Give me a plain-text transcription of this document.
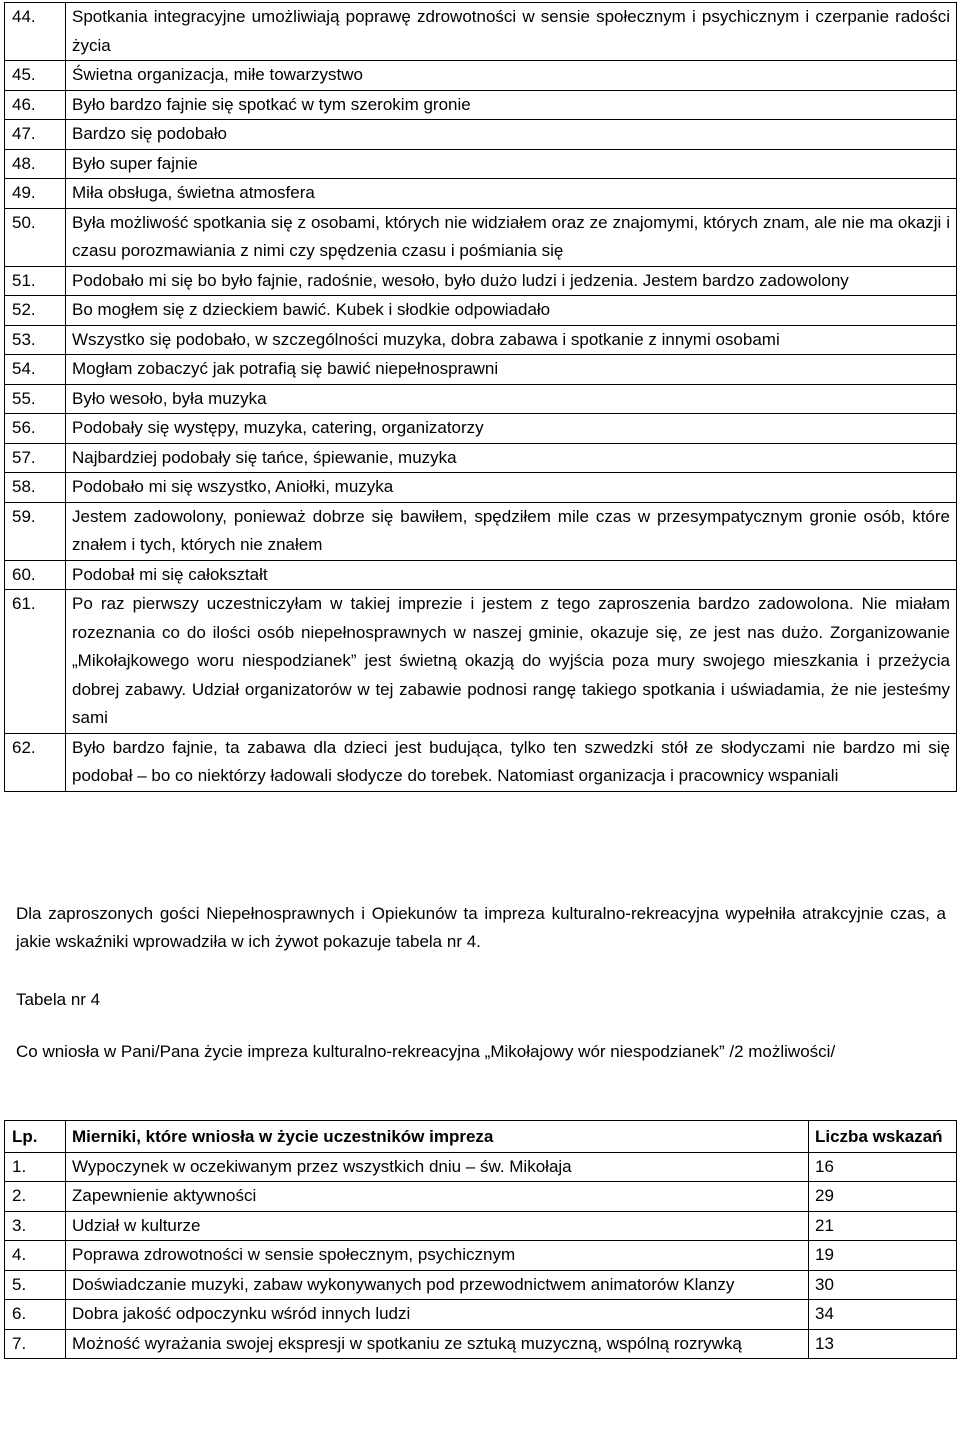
44.	Spotkania integracyjne umożliwiają poprawę zdrowotności w sensie społecznym i psychicznym i czerpanie radości życia
45.	Świetna organizacja, miłe towarzystwo
46.	Było bardzo fajnie się spotkać w tym szerokim gronie
47.	Bardzo się podobało
48.	Było super fajnie
49.	Miła obsługa, świetna atmosfera
50.	Była możliwość spotkania się z osobami, których nie widziałem oraz ze znajomymi, których znam, ale nie ma okazji i czasu porozmawiania z nimi czy spędzenia czasu i pośmiania się
51.	Podobało mi się bo było fajnie, radośnie, wesoło, było dużo ludzi i jedzenia. Jestem bardzo zadowolony
52.	Bo mogłem się z dzieckiem bawić. Kubek i słodkie odpowiadało
53.	Wszystko się podobało, w szczególności muzyka, dobra zabawa i spotkanie z innymi osobami
54.	Mogłam zobaczyć jak potrafią się bawić niepełnosprawni
55.	Było wesoło, była muzyka
56.	Podobały się występy, muzyka, catering, organizatorzy
57.	Najbardziej podobały się tańce, śpiewanie, muzyka
58.	Podobało mi się wszystko, Aniołki, muzyka
59.	Jestem zadowolony, ponieważ dobrze się bawiłem, spędziłem mile czas w przesympatycznym gronie osób, które znałem i tych, których nie znałem
60.	Podobał mi się całokształt
61.	Po raz pierwszy uczestniczyłam w takiej imprezie i jestem z tego zaproszenia bardzo zadowolona. Nie miałam rozeznania co do ilości osób niepełnosprawnych w naszej gminie, okazuje się, ze jest nas dużo. Zorganizowanie „Mikołajkowego woru niespodzianek” jest świetną okazją do wyjścia poza mury swojego mieszkania i przeżycia dobrej zabawy. Udział organizatorów w tej zabawie podnosi rangę takiego spotkania i uświadamia, że nie jesteśmy sami
62.	Było bardzo fajnie, ta zabawa dla dzieci jest budująca, tylko ten szwedzki stół ze słodyczami nie bardzo mi się podobał – bo co niektórzy ładowali słodycze do torebek. Natomiast organizacja i pracownicy wspaniali

Dla zaproszonych gości Niepełnosprawnych i Opiekunów ta impreza kulturalno-rekreacyjna wypełniła atrakcyjnie czas, a jakie wskaźniki wprowadziła w ich żywot pokazuje tabela nr 4.

Tabela nr 4

Co wniosła w Pani/Pana życie impreza kulturalno-rekreacyjna „Mikołajowy wór niespodzianek” /2 możliwości/

Lp.	Mierniki, które wniosła w życie uczestników impreza	Liczba wskazań
1.	Wypoczynek w oczekiwanym przez wszystkich dniu – św. Mikołaja	16
2.	Zapewnienie aktywności	29
3.	Udział w kulturze	21
4.	Poprawa zdrowotności w sensie społecznym, psychicznym	19
5.	Doświadczanie muzyki, zabaw wykonywanych pod przewodnictwem animatorów Klanzy	30
6.	Dobra jakość odpoczynku wśród innych ludzi	34
7.	Możność wyrażania swojej ekspresji w spotkaniu ze sztuką muzyczną, wspólną rozrywką	13
